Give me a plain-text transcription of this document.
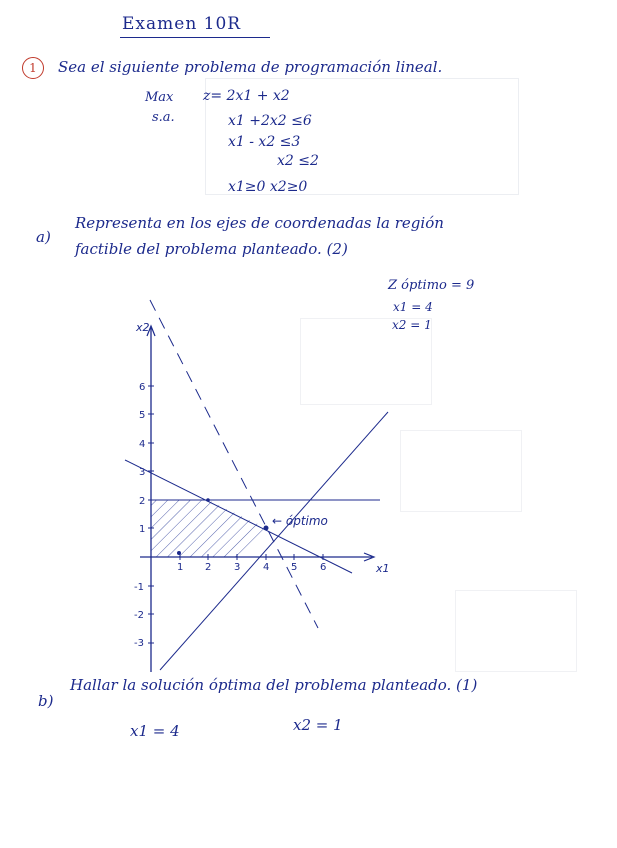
Examen 10R
1	Sea el siguiente problema de programación lineal.
Max
s.a.
z= 2x1 + x2
x1 +2x2 ≤6
x1 - x2 ≤3
x2 ≤2
x1≥0 x2≥0
a)
Representa en los ejes de coordenadas la región
factible del problema planteado. (2)
Z óptimo = 9
x1 = 4
x2 = 1
1 2 3 4 5 6
1
2
3
4
5
6
-1
-2
-3
x2
x1
← óptimo
b)
Hallar la solución óptima del problema planteado. (1)
x1 = 4	x2 = 1
